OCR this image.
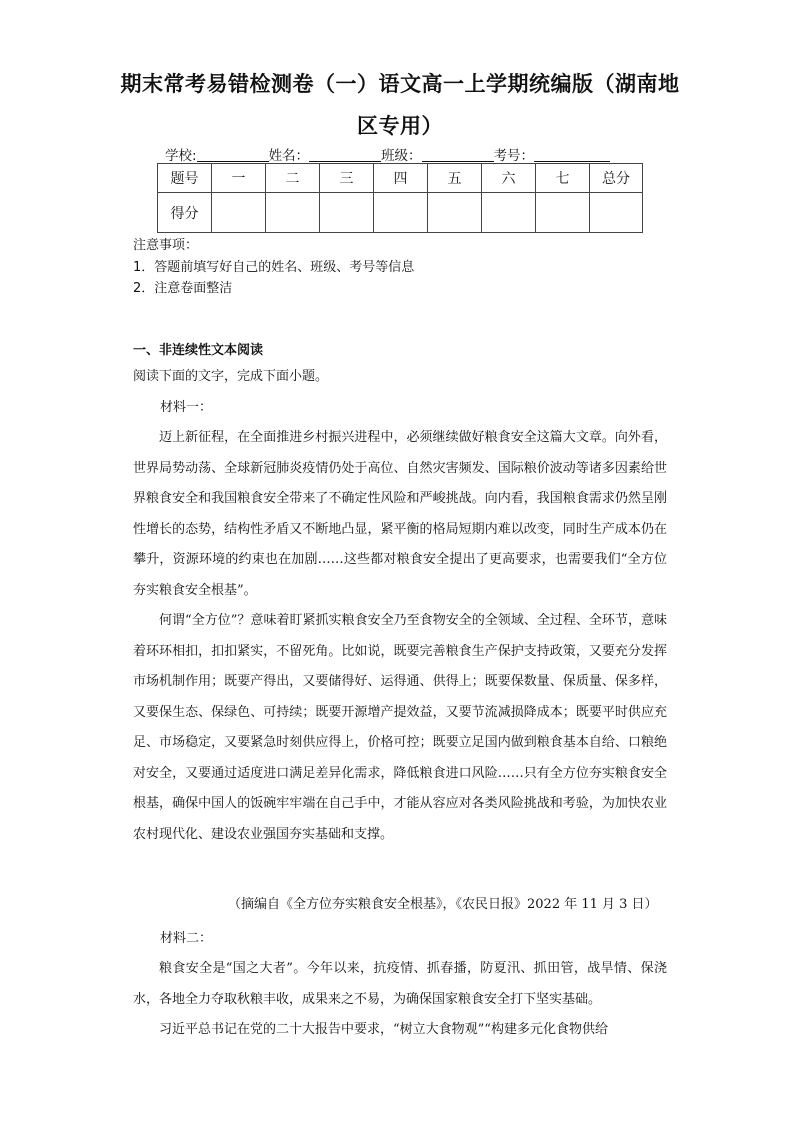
期末常考易错检测卷（一）语文高一上学期统编版（湖南地
区专用）
学校:	姓名：	班级：	考号：
题号	一	二	三	四	五	六	七	总分
得分								
注意事项：
1．答题前填写好自己的姓名、班级、考号等信息
2．注意卷面整洁
一、非连续性文本阅读
阅读下面的文字，完成下面小题。
材料一：
迈上新征程，在全面推进乡村振兴进程中，必须继续做好粮食安全这篇大文章。向外看，世界局势动荡、全球新冠肺炎疫情仍处于高位、自然灾害频发、国际粮价波动等诸多因素给世界粮食安全和我国粮食安全带来了不确定性风险和严峻挑战。向内看，我国粮食需求仍然呈刚性增长的态势，结构性矛盾又不断地凸显，紧平衡的格局短期内难以改变，同时生产成本仍在攀升，资源环境的约束也在加剧……这些都对粮食安全提出了更高要求，也需要我们“全方位夯实粮食安全根基”。
何谓“全方位”？意味着盯紧抓实粮食安全乃至食物安全的全领域、全过程、全环节，意味着环环相扣，扣扣紧实，不留死角。比如说，既要完善粮食生产保护支持政策，又要充分发挥市场机制作用；既要产得出，又要储得好、运得通、供得上；既要保数量、保质量、保多样，又要保生态、保绿色、可持续；既要开源增产提效益，又要节流减损降成本；既要平时供应充足、市场稳定，又要紧急时刻供应得上，价格可控；既要立足国内做到粮食基本自给、口粮绝对安全，又要通过适度进口满足差异化需求，降低粮食进口风险……只有全方位夯实粮食安全根基，确保中国人的饭碗牢牢端在自己手中，才能从容应对各类风险挑战和考验，为加快农业农村现代化、建设农业强国夯实基础和支撑。
（摘编自《全方位夯实粮食安全根基》，《农民日报》2022 年 11 月 3 日）
材料二：
粮食安全是“国之大者”。今年以来，抗疫情、抓春播，防夏汛、抓田管，战旱情、保浇水，各地全力夺取秋粮丰收，成果来之不易，为确保国家粮食安全打下坚实基础。
习近平总书记在党的二十大报告中要求，“树立大食物观”“构建多元化食物供给
